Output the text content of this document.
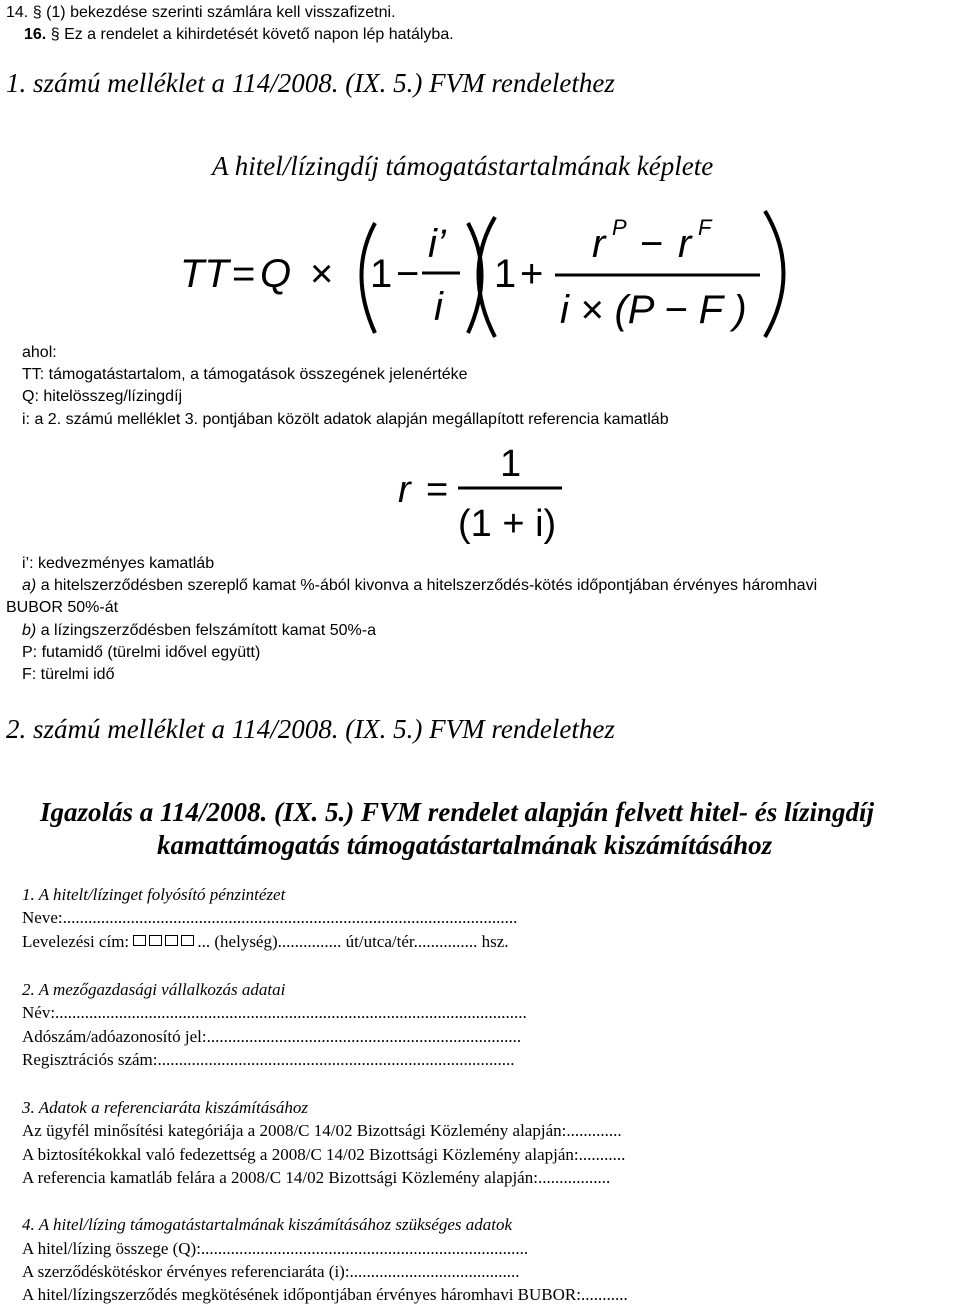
14. § (1) bekezdése szerinti számlára kell visszafizetni.
16. § Ez a rendelet a kihirdetését követő napon lép hatályba.
1. számú melléklet a 114/2008. (IX. 5.) FVM rendelethez
A hitel/lízingdíj támogatástartalmának képlete
TT = Q × 1 −
i’
i
1 +
r P − r F
i × (P − F )
ahol:
TT: támogatástartalom, a támogatások összegének jelenértéke
Q: hitelösszeg/lízingdíj
i: a 2. számú melléklet 3. pontjában közölt adatok alapján megállapított referencia kamatláb
r =
1
(1 + i)
i’: kedvezményes kamatláb
a) a hitelszerződésben szereplő kamat %-ából kivonva a hitelszerződés-kötés időpontjában érvényes háromhavi
BUBOR 50%-át
b) a lízingszerződésben felszámított kamat 50%-a
P: futamidő (türelmi idővel együtt)
F: türelmi idő
2. számú melléklet a 114/2008. (IX. 5.) FVM rendelethez
Igazolás a 114/2008. (IX. 5.) FVM rendelet alapján felvett hitel- és lízingdíj
kamattámogatás támogatástartalmának kiszámításához
1. A hitelt/lízinget folyósító pénzintézet
Neve:...........................................................................................................
Levelezési cím:	... (helység)............... út/utca/tér............... hsz.
2. A mezőgazdasági vállalkozás adatai
Név:...............................................................................................................
Adószám/adóazonosító jel:..........................................................................
Regisztrációs szám:....................................................................................
3. Adatok a referenciaráta kiszámításához
Az ügyfél minősítési kategóriája a 2008/C 14/02 Bizottsági Közlemény alapján:.............
A biztosítékokkal való fedezettség a 2008/C 14/02 Bizottsági Közlemény alapján:...........
A referencia kamatláb felára a 2008/C 14/02 Bizottsági Közlemény alapján:.................
4. A hitel/lízing támogatástartalmának kiszámításához szükséges adatok
A hitel/lízing összege (Q):.............................................................................
A szerződéskötéskor érvényes referenciaráta (i):........................................
A hitel/lízingszerződés megkötésének időpontjában érvényes háromhavi BUBOR:...........
